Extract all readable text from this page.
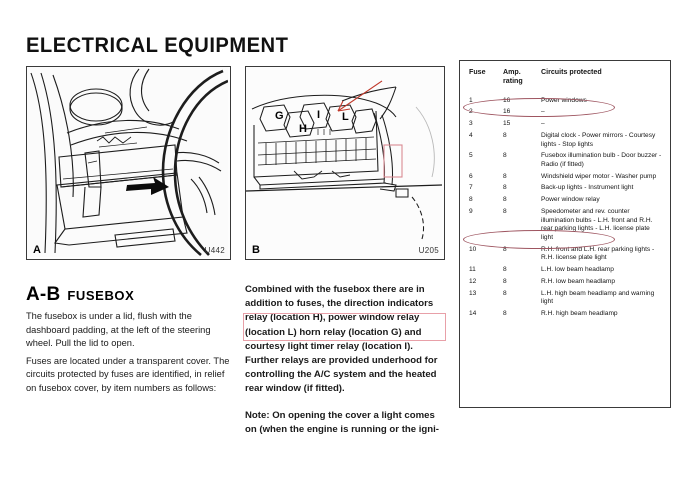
ELECTRICAL EQUIPMENT
A	U442
G
H
I L
B	U205
A-B FUSEBOX

The fusebox is under a lid, flush with the dashboard padding, at the left of the steering wheel. Pull the lid to open.

Fuses are located under a transparent cover. The circuits protected by fuses are identified, in relief on fusebox cover, by item numbers as follows:

Combined with the fusebox there are in addition to fuses, the direction indicators relay (location H), power window relay (location L) horn relay (location G) and courtesy light timer relay (location I).

Further relays are provided underhood for controlling the A/C system and the heated rear window (if fitted).

Note: On opening the cover a light comes on (when the engine is running or the igni-

Fuse	Amp. rating	Circuits protected
1	16	Power windows
2	16	–
3	15	–
4	8	Digital clock - Power mirrors - Courtesy lights - Stop lights
5	8	Fusebox illumination bulb - Door buzzer - Radio (if fitted)
6	8	Windshield wiper motor - Washer pump
7	8	Back-up lights - Instrument light
8	8	Power window relay
9	8	Speedometer and rev. counter illumination bulbs - L.H. front and R.H. rear parking lights - L.H. license plate light
10	8	R.H. front and L.H. rear parking lights - R.H. license plate light
11	8	L.H. low beam headlamp
12	8	R.H. low beam headlamp
13	8	L.H. high beam headlamp and warning light
14	8	R.H. high beam headlamp
